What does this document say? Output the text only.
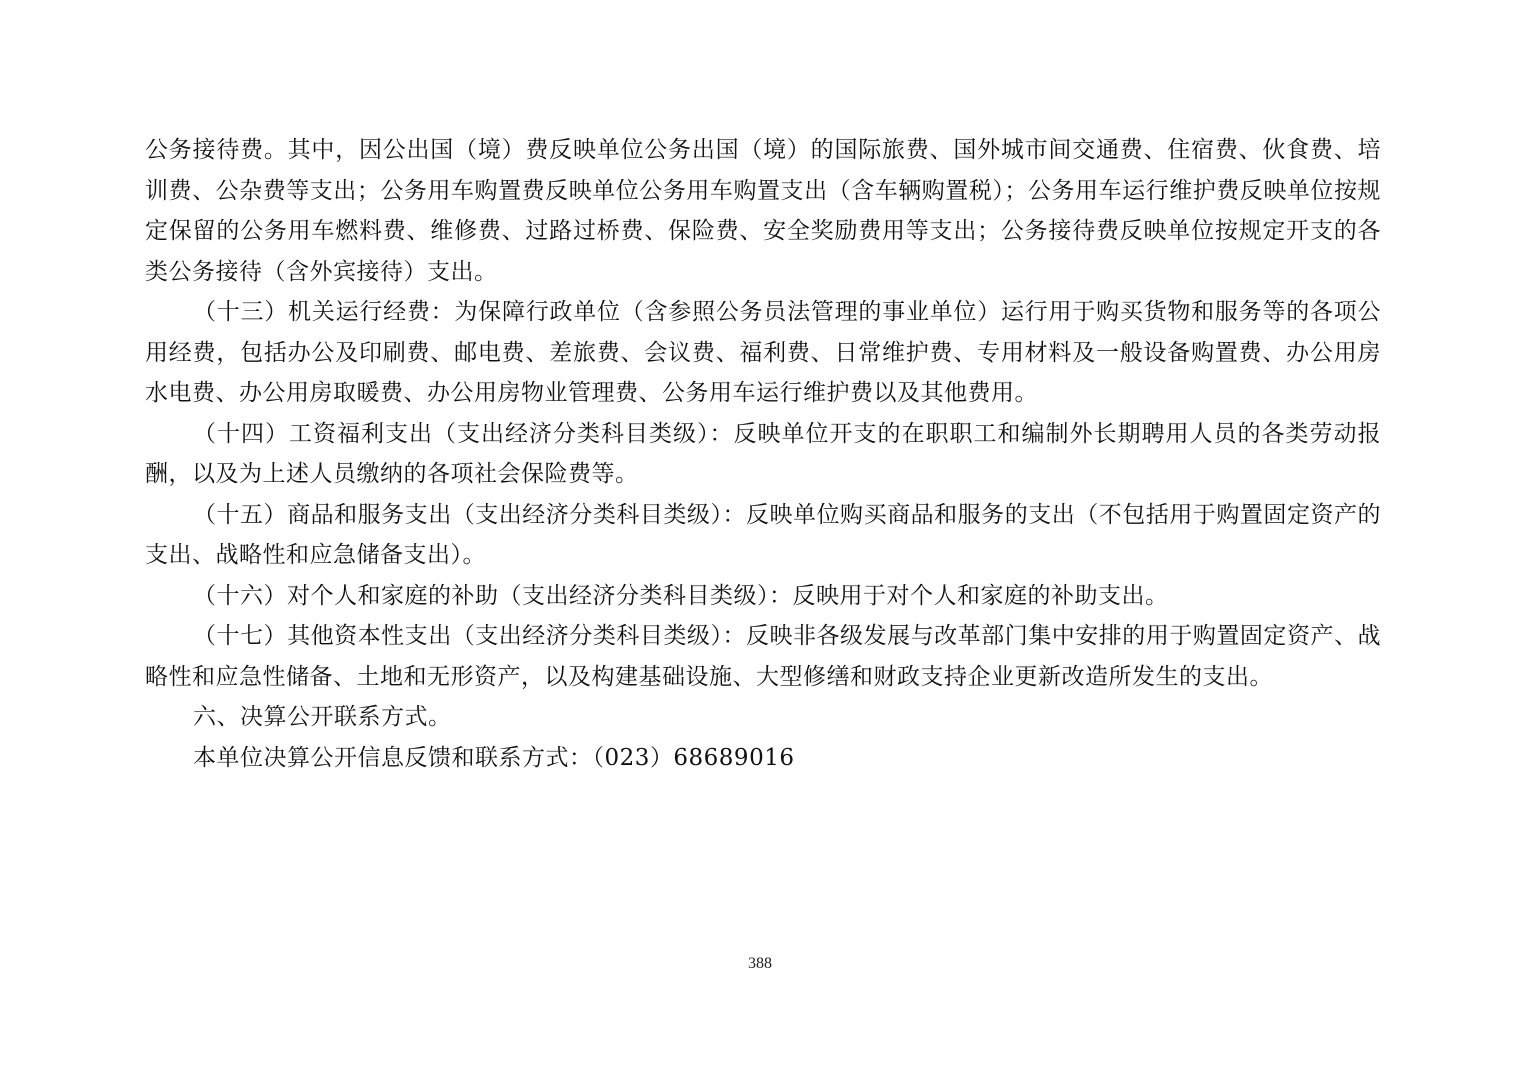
公务接待费。其中，因公出国（境）费反映单位公务出国（境）的国际旅费、国外城市间交通费、住宿费、伙食费、培训费、公杂费等支出；公务用车购置费反映单位公务用车购置支出（含车辆购置税）；公务用车运行维护费反映单位按规定保留的公务用车燃料费、维修费、过路过桥费、保险费、安全奖励费用等支出；公务接待费反映单位按规定开支的各类公务接待（含外宾接待）支出。

（十三）机关运行经费：为保障行政单位（含参照公务员法管理的事业单位）运行用于购买货物和服务等的各项公用经费，包括办公及印刷费、邮电费、差旅费、会议费、福利费、日常维护费、专用材料及一般设备购置费、办公用房水电费、办公用房取暖费、办公用房物业管理费、公务用车运行维护费以及其他费用。

（十四）工资福利支出（支出经济分类科目类级）：反映单位开支的在职职工和编制外长期聘用人员的各类劳动报酬，以及为上述人员缴纳的各项社会保险费等。

（十五）商品和服务支出（支出经济分类科目类级）：反映单位购买商品和服务的支出（不包括用于购置固定资产的支出、战略性和应急储备支出）。

（十六）对个人和家庭的补助（支出经济分类科目类级）：反映用于对个人和家庭的补助支出。

（十七）其他资本性支出（支出经济分类科目类级）：反映非各级发展与改革部门集中安排的用于购置固定资产、战略性和应急性储备、土地和无形资产，以及构建基础设施、大型修缮和财政支持企业更新改造所发生的支出。

六、决算公开联系方式。

本单位决算公开信息反馈和联系方式：（023）68689016

388
